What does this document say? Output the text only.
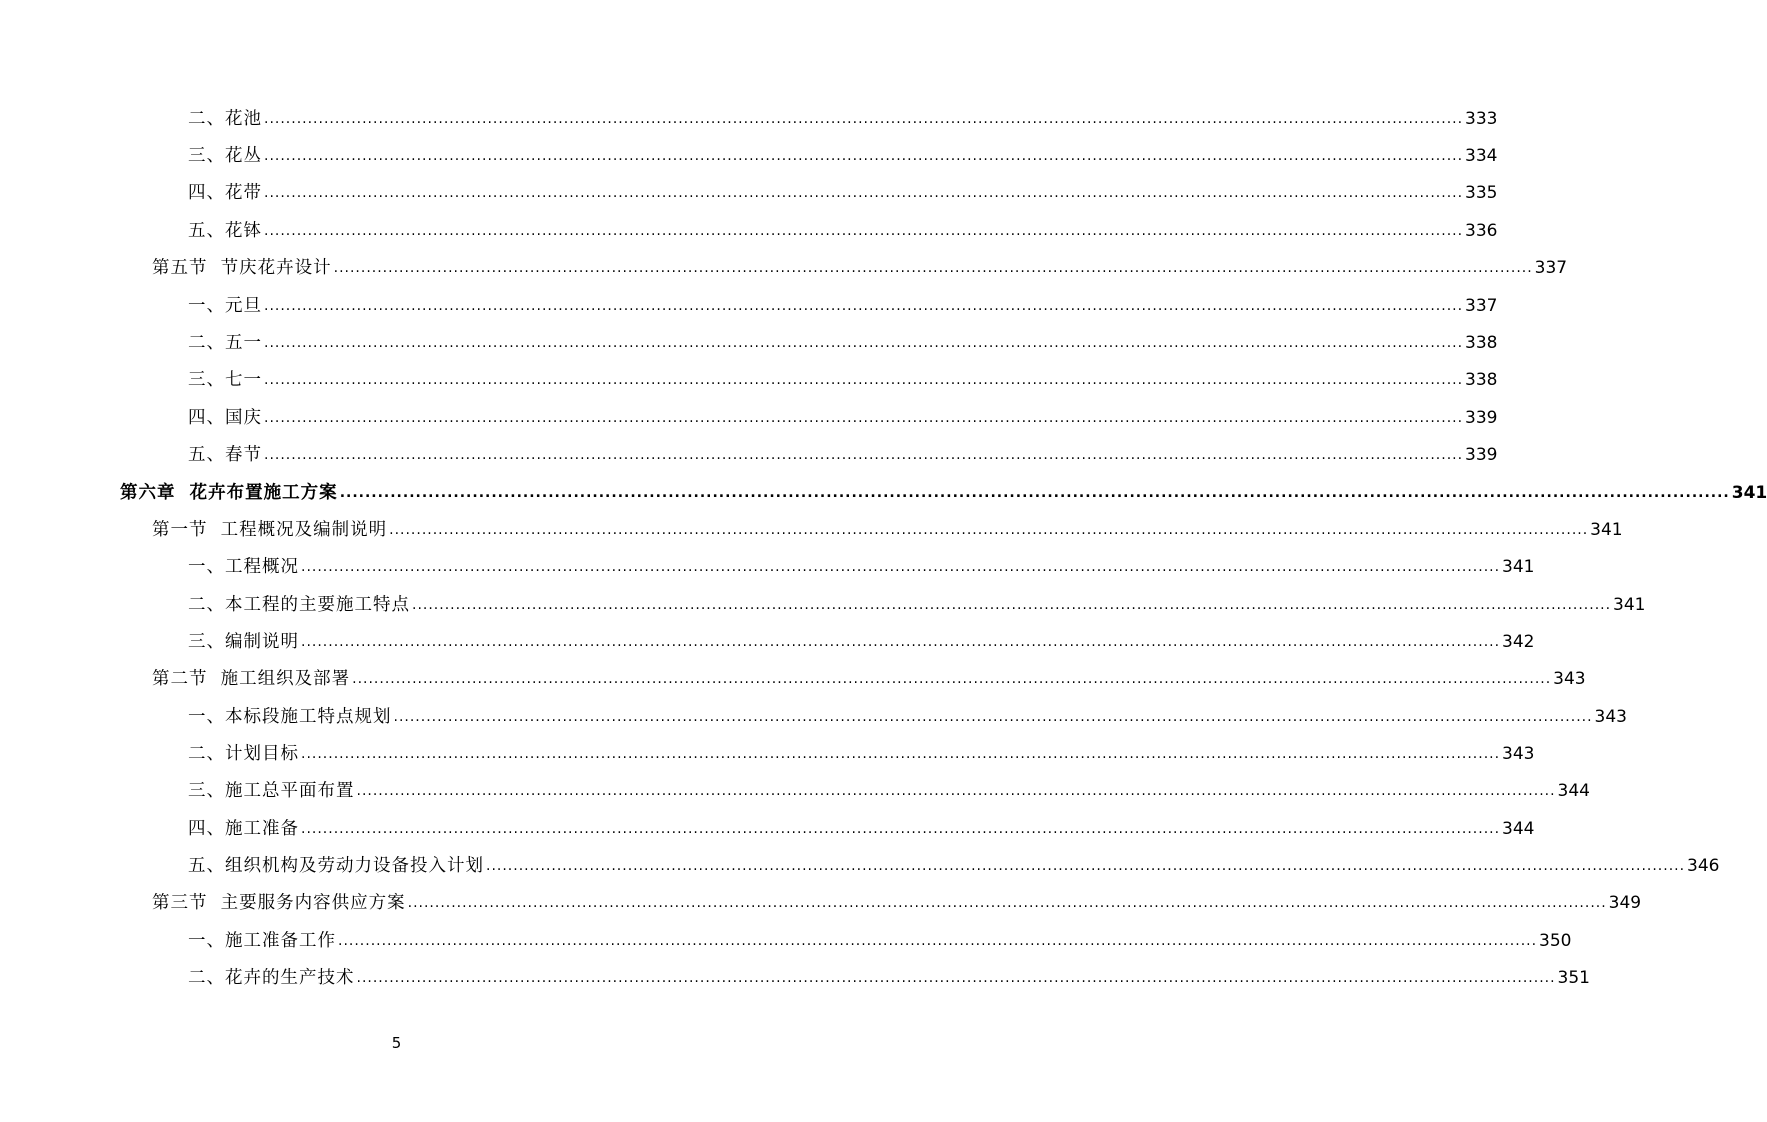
二、花池 ............................................................................................................................................................................................................................ 333
三、花丛 ............................................................................................................................................................................................................................ 334
四、花带 ............................................................................................................................................................................................................................ 335
五、花钵 ............................................................................................................................................................................................................................ 336
第五节  节庆花卉设计 ............................................................................................................................................................................................................................ 337
一、元旦 ............................................................................................................................................................................................................................ 337
二、五一 ............................................................................................................................................................................................................................ 338
三、七一 ............................................................................................................................................................................................................................ 338
四、国庆 ............................................................................................................................................................................................................................ 339
五、春节 ............................................................................................................................................................................................................................ 339
第六章  花卉布置施工方案 ............................................................................................................................................................................................................................ 341
第一节  工程概况及编制说明 ............................................................................................................................................................................................................................ 341
一、工程概况 ............................................................................................................................................................................................................................ 341
二、本工程的主要施工特点 ............................................................................................................................................................................................................................ 341
三、编制说明 ............................................................................................................................................................................................................................ 342
第二节  施工组织及部署 ............................................................................................................................................................................................................................ 343
一、本标段施工特点规划 ............................................................................................................................................................................................................................ 343
二、计划目标 ............................................................................................................................................................................................................................ 343
三、施工总平面布置 ............................................................................................................................................................................................................................ 344
四、施工准备 ............................................................................................................................................................................................................................ 344
五、组织机构及劳动力设备投入计划 ............................................................................................................................................................................................................................ 346
第三节  主要服务内容供应方案 ............................................................................................................................................................................................................................ 349
一、施工准备工作 ............................................................................................................................................................................................................................ 350
二、花卉的生产技术 ............................................................................................................................................................................................................................ 351
5
